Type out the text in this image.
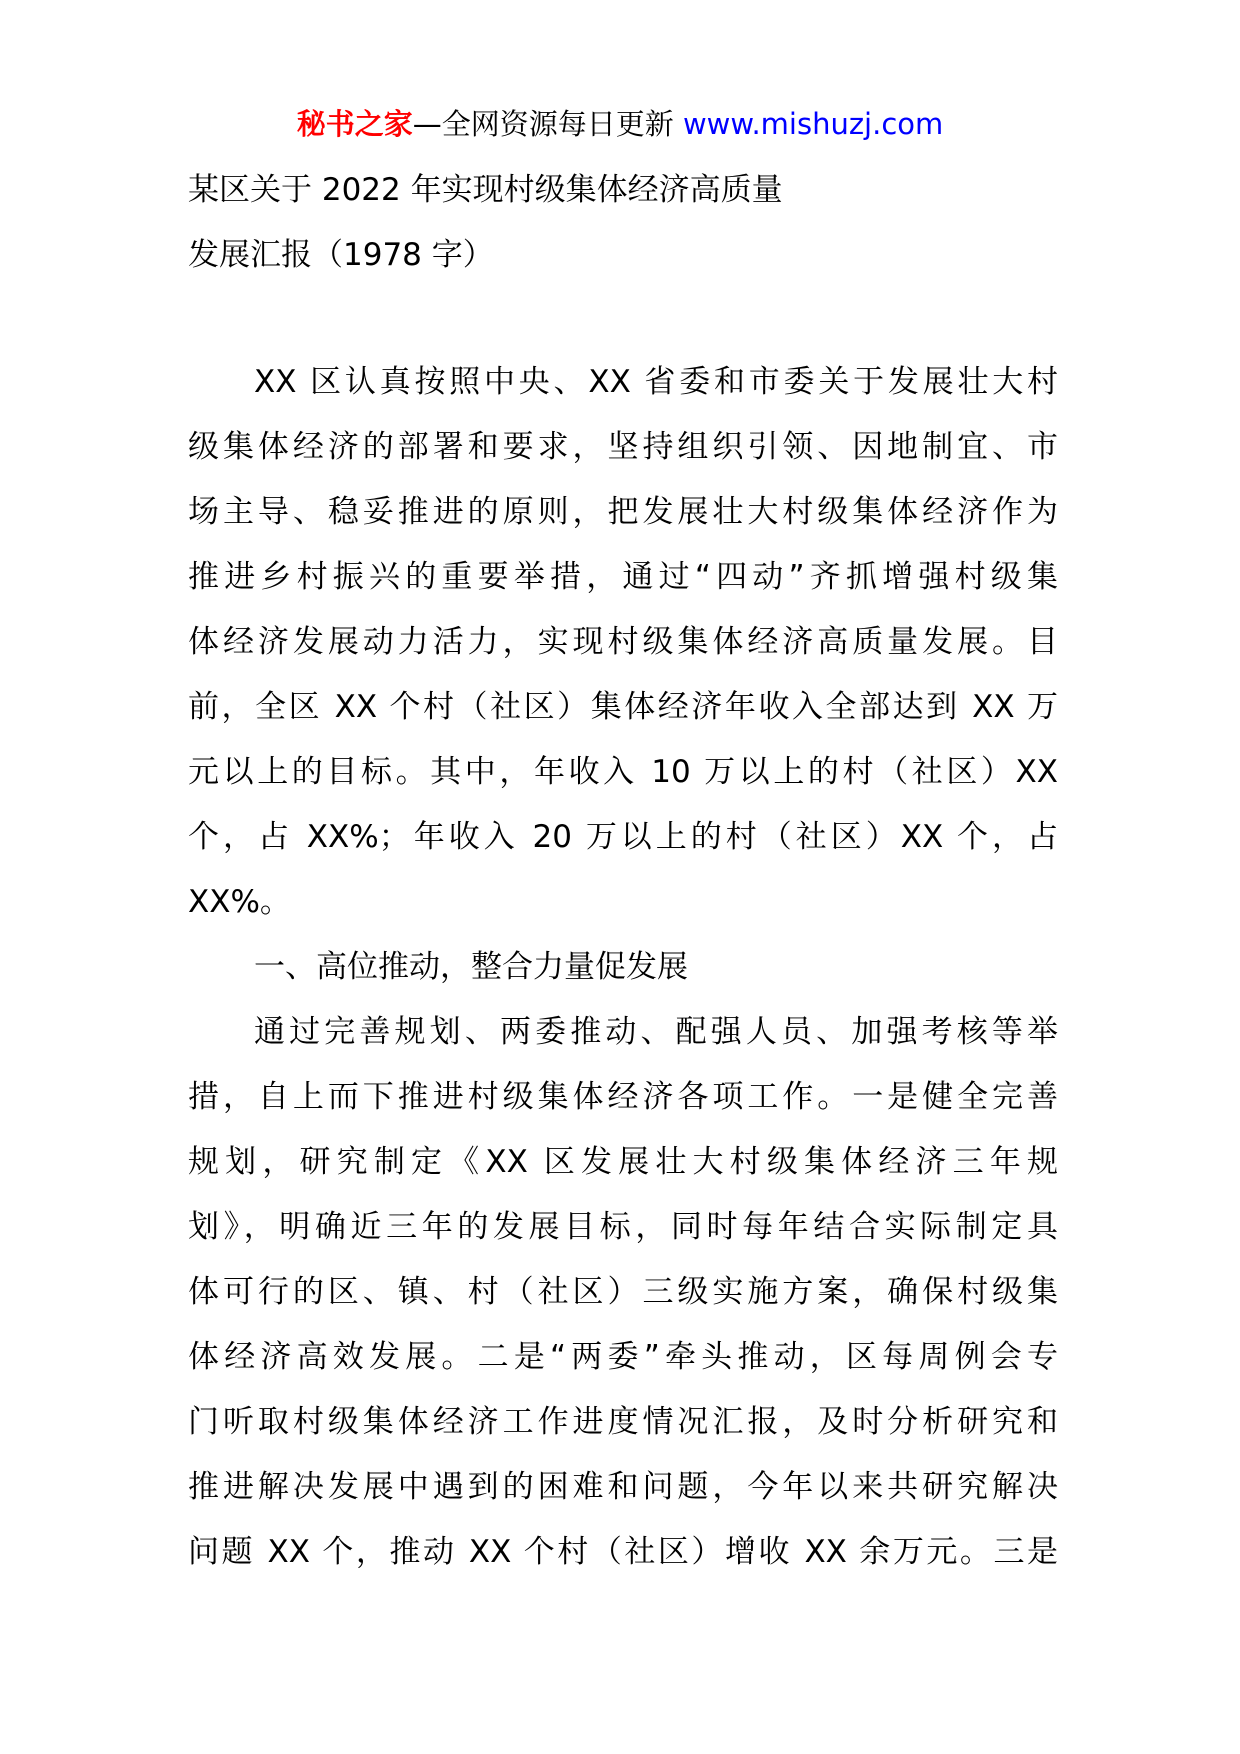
秘书之家—全网资源每日更新 www.mishuzj.com
某区关于 2022 年实现村级集体经济高质量
发展汇报（1978 字）
XX 区认真按照中央、XX 省委和市委关于发展壮大村
级集体经济的部署和要求，坚持组织引领、因地制宜、市
场主导、稳妥推进的原则，把发展壮大村级集体经济作为
推进乡村振兴的重要举措，通过“四动”齐抓增强村级集
体经济发展动力活力，实现村级集体经济高质量发展。目
前，全区 XX 个村（社区）集体经济年收入全部达到 XX 万
元以上的目标。其中，年收入 10 万以上的村（社区）XX
个，占 XX%；年收入 20 万以上的村（社区）XX 个，占
XX%。
一、高位推动，整合力量促发展
通过完善规划、两委推动、配强人员、加强考核等举
措，自上而下推进村级集体经济各项工作。一是健全完善
规划，研究制定《XX 区发展壮大村级集体经济三年规
划》，明确近三年的发展目标，同时每年结合实际制定具
体可行的区、镇、村（社区）三级实施方案，确保村级集
体经济高效发展。二是“两委”牵头推动，区每周例会专
门听取村级集体经济工作进度情况汇报，及时分析研究和
推进解决发展中遇到的困难和问题，今年以来共研究解决
问题 XX 个，推动 XX 个村（社区）增收 XX 余万元。三是
